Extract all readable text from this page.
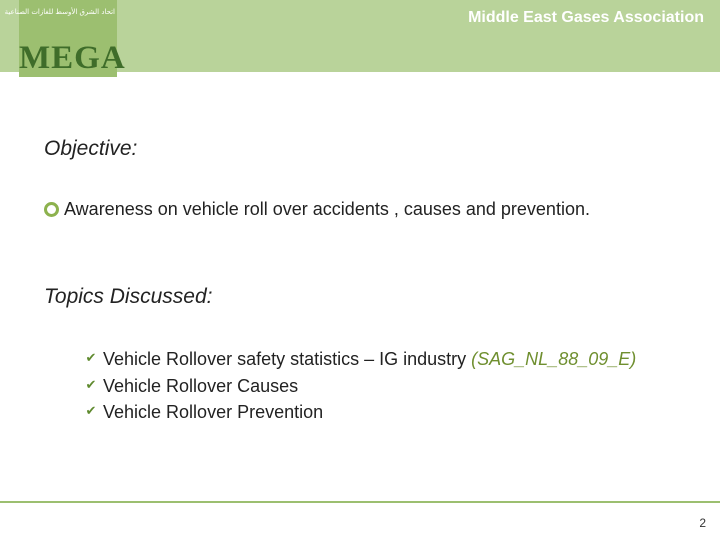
Middle East Gases Association
اتحاد الشرق الأوسط للغازات الصناعية
MEGA
Objective:
Awareness on vehicle roll over accidents , causes and prevention.
Topics Discussed:
✔ Vehicle Rollover safety statistics – IG industry (SAG_NL_88_09_E)
✔ Vehicle Rollover Causes
✔ Vehicle Rollover Prevention
2
